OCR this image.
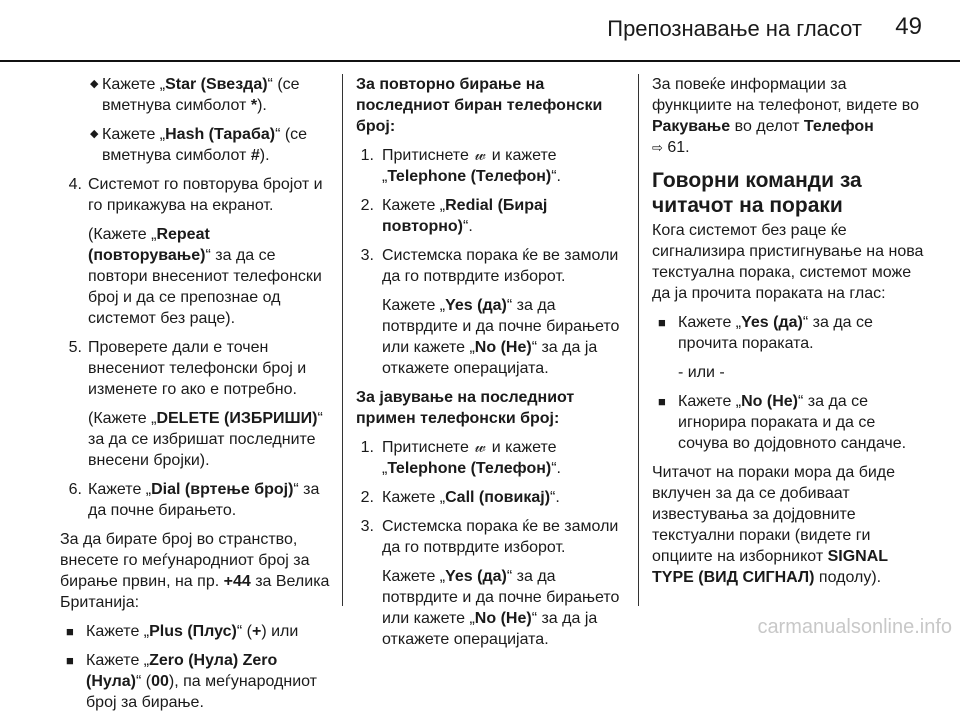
Препознавање на гласот 49
◆ Кажете „Star (Ѕвезда)“ (се вметнува симболот *).

◆ Кажете „Hash (Тараба)“ (се вметнува симболот #).

4. Системот го повторува бројот и го прикажува на екранот.

(Кажете „Repeat (повторување)“ за да се повтори внесениот телефонски број и да се препознае од системот без раце).

5. Проверете дали е точен внесениот телефонски број и изменете го ако е потребно.

(Кажете „DELETE (ИЗБРИШИ)“ за да се избришат последните внесени бројки).

6. Кажете „Dial (вртење број)“ за да почне бирањето.

За да бирате број во странство, внесете го меѓународниот број за бирање првин, на пр. +44 за Велика Британија:

■ Кажете „Plus (Плус)“ (+) или

■ Кажете „Zero (Нула) Zero (Нула)“ (00), па меѓународниот број за бирање.

За повторно бирање на последниот биран телефонски број:

1. Притиснете 𝓌 и кажете „Telephone (Телефон)“.

2. Кажете „Redial (Бирај повторно)“.

3. Системска порака ќе ве замоли да го потврдите изборот.

Кажете „Yes (да)“ за да потврдите и да почне бирањето или кажете „No (Не)“ за да ја откажете операцијата.

За јавување на последниот примен телефонски број:

1. Притиснете 𝓌 и кажете „Telephone (Телефон)“.

2. Кажете „Call (повикај)“.

3. Системска порака ќе ве замоли да го потврдите изборот.

Кажете „Yes (да)“ за да потврдите и да почне бирањето или кажете „No (Не)“ за да ја откажете операцијата.

За повеќе информации за функциите на телефонот, видете во Ракување во делот Телефон
⇨ 61.

Говорни команди за читачот на пораки

Кога системот без раце ќе сигнализира пристигнување на нова текстуална порака, системот може да ја прочита пораката на глас:

■ Кажете „Yes (да)“ за да се прочита пораката.

- или -

■ Кажете „No (Не)“ за да се игнорира пораката и да се сочува во дојдовното сандаче.

Читачот на пораки мора да биде вклучен за да се добиваат известувања за дојдовните текстуални пораки (видете ги опциите на изборникот SIGNAL TYPE (ВИД СИГНАЛ) подолу).

carmanualsonline.info
